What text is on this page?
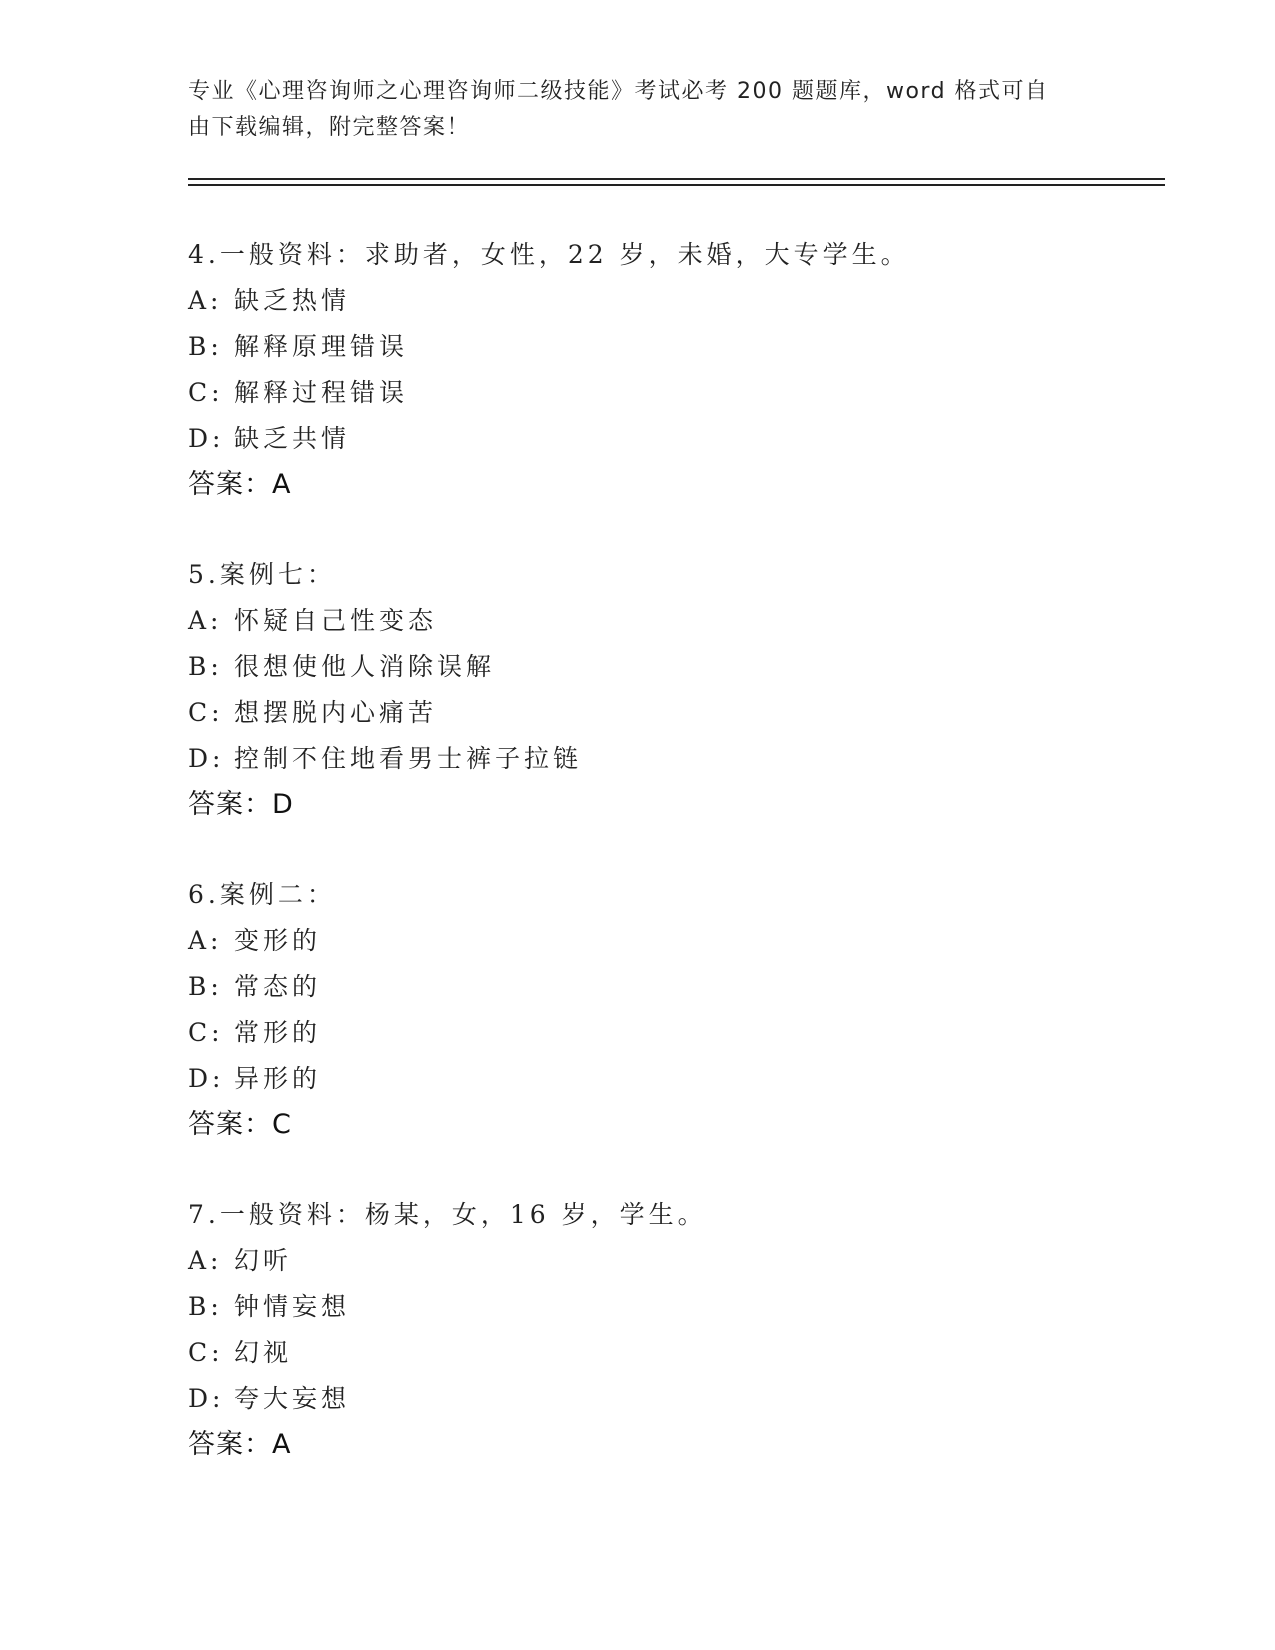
专业《心理咨询师之心理咨询师二级技能》考试必考 200 题题库，word 格式可自
由下载编辑，附完整答案！
4.一般资料：求助者，女性，22 岁，未婚，大专学生。
A: 缺乏热情
B: 解释原理错误
C: 解释过程错误
D: 缺乏共情
答案：A
5.案例七：
A: 怀疑自己性变态
B: 很想使他人消除误解
C: 想摆脱内心痛苦
D: 控制不住地看男士裤子拉链
答案：D
6.案例二：
A: 变形的
B: 常态的
C: 常形的
D: 异形的
答案：C
7.一般资料：杨某，女，16 岁，学生。
A: 幻听
B: 钟情妄想
C: 幻视
D: 夸大妄想
答案：A
